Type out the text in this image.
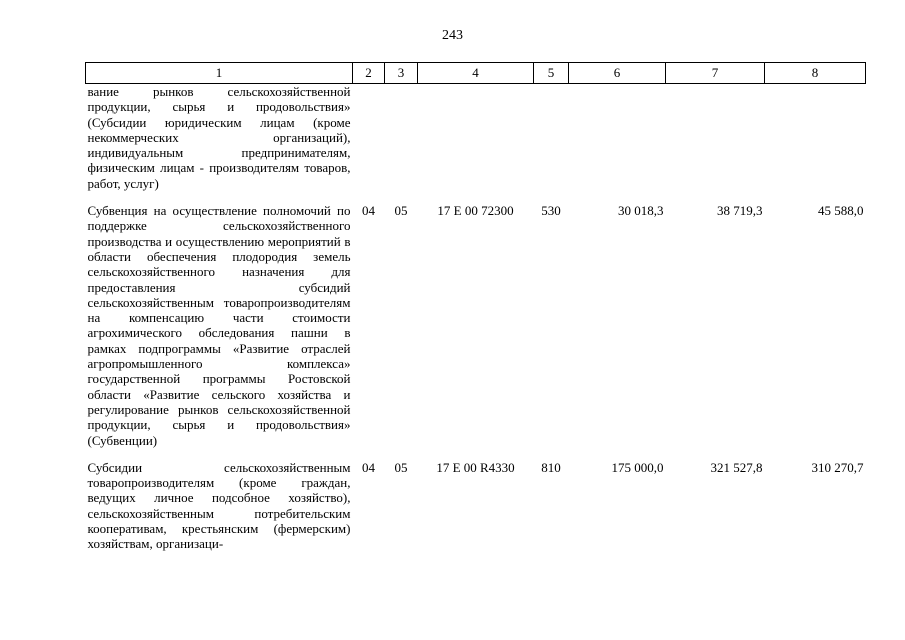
243
1	2	3	4	5	6	7	8
вание рынков сельскохозяйственной продукции, сырья и продовольствия» (Субсидии юридическим лицам (кроме некоммерческих организаций), индивидуальным предпринимателям, физическим лицам - производителям товаров, работ, услуг)							
Субвенция на осуществление полномочий по поддержке сельскохозяйственного производства и осуществлению мероприятий в области обеспечения плодородия земель сельскохозяйственного назначения для предоставления субсидий сельскохозяйственным товаропроизводителям на компенсацию части стоимости агрохимического обследования пашни в рамках подпрограммы «Развитие отраслей агропромышленного комплекса» государственной программы Ростовской области «Развитие сельского хозяйства и регулирование рынков сельскохозяйственной продукции, сырья и продовольствия» (Субвенции)	04	05	17 Е 00 72300	530	30 018,3	38 719,3	45 588,0
Субсидии сельскохозяйственным товаропроизводителям (кроме граждан, ведущих личное подсобное хозяйство), сельскохозяйственным потребительским кооперативам, крестьянским (фермерским) хозяйствам, организаци-	04	05	17 Е 00 R4330	810	175 000,0	321 527,8	310 270,7
